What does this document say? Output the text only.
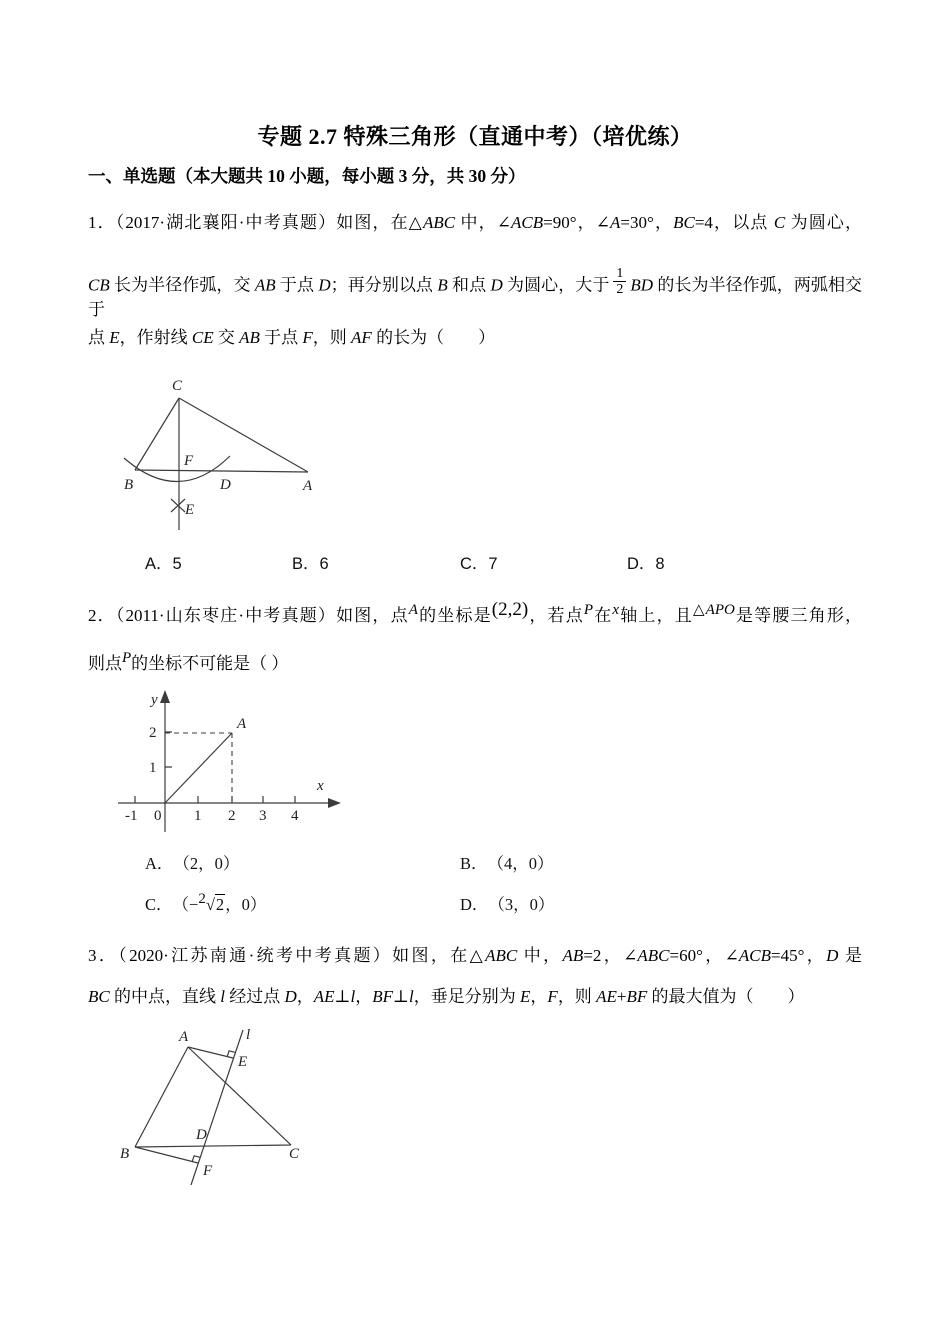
专题 2.7 特殊三角形（直通中考）（培优练）
一、单选题（本大题共 10 小题，每小题 3 分，共 30 分）
1．（2017·湖北襄阳·中考真题）如图，在△ABC 中，∠ACB=90°，∠A=30°，BC=4，以点 C 为圆心，
CB 长为半径作弧，交 AB 于点 D；再分别以点 B 和点 D 为圆心，大于 $\frac{1}{2}$ BD 的长为半径作弧，两弧相交于
点 E，作射线 CE 交 AB 于点 F，则 AF 的长为（　　）
C
B	A
F
D
E
A．5	B．6	C．7	D．8
2．（2011·山东枣庄·中考真题）如图，点A的坐标是(2,2)，若点P在x轴上，且△APO是等腰三角形，
则点P的坐标不可能是（ ）
y
x
-1 0 1 2 3 4
1
2
A
A．　（2，0）	B．　（4，0）
C．　（−2√2，0）	D．　（3，0）
3．（2020·江苏南通·统考中考真题）如图，在△ABC 中，AB=2，∠ABC=60°，∠ACB=45°，D 是
BC 的中点，直线 l 经过点 D，AE⊥l，BF⊥l，垂足分别为 E，F，则 AE+BF 的最大值为（　　）
A	l
E
B
D
C
F
